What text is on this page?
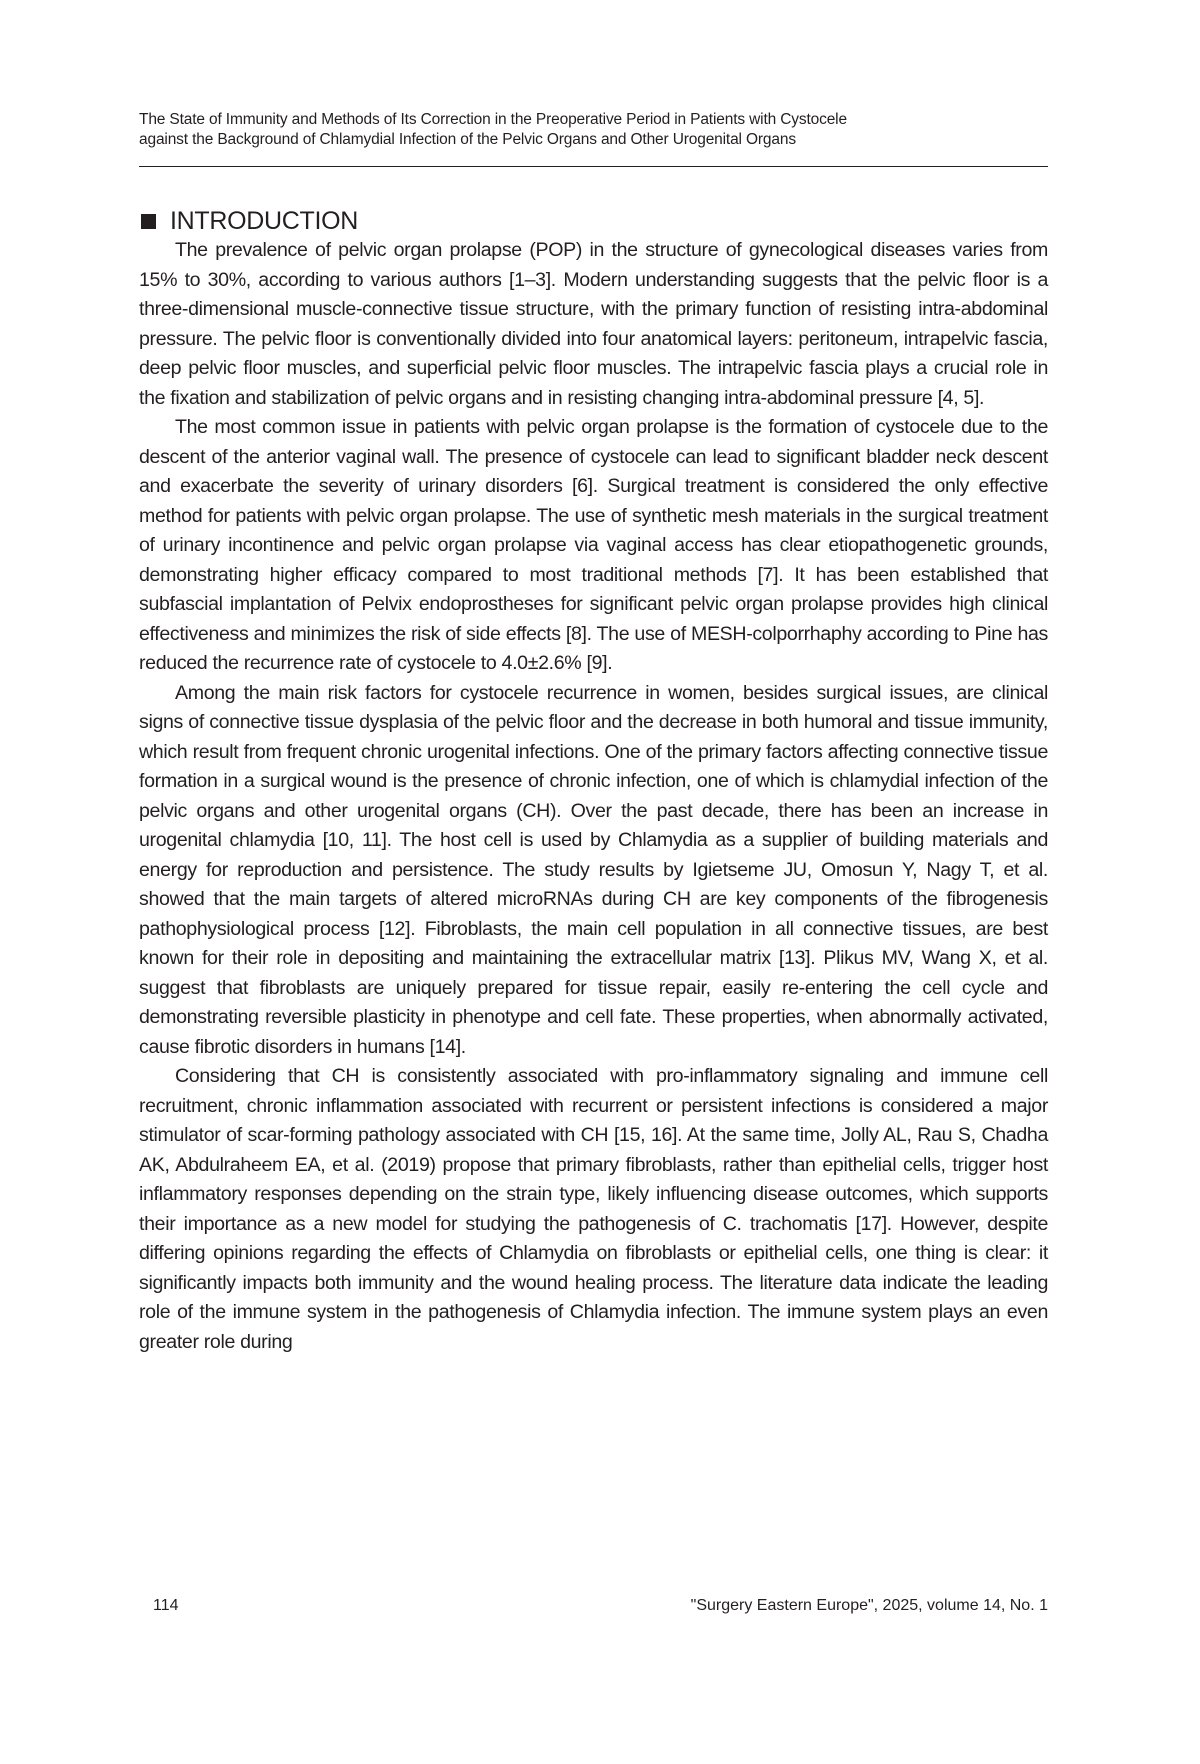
The State of Immunity and Methods of Its Correction in the Preoperative Period in Patients with Cystocele
against the Background of Chlamydial Infection of the Pelvic Organs and Other Urogenital Organs
INTRODUCTION

The prevalence of pelvic organ prolapse (POP) in the structure of gynecological diseases varies from 15% to 30%, according to various authors [1–3]. Modern understanding suggests that the pelvic floor is a three-dimensional muscle-connective tissue structure, with the primary function of resisting intra-abdominal pressure. The pelvic floor is conventionally divided into four anatomical layers: peritoneum, intrapelvic fascia, deep pelvic floor muscles, and superficial pelvic floor muscles. The intrapelvic fascia plays a crucial role in the fixation and stabilization of pelvic organs and in resisting changing intra-abdominal pressure [4, 5].

The most common issue in patients with pelvic organ prolapse is the formation of cystocele due to the descent of the anterior vaginal wall. The presence of cystocele can lead to significant bladder neck descent and exacerbate the severity of urinary disorders [6]. Surgical treatment is considered the only effective method for patients with pelvic organ prolapse. The use of synthetic mesh materials in the surgical treatment of urinary incontinence and pelvic organ prolapse via vaginal access has clear etiopathogenetic grounds, demonstrating higher efficacy compared to most traditional methods [7]. It has been established that subfascial implantation of Pelvix endoprostheses for significant pelvic organ prolapse provides high clinical effectiveness and minimizes the risk of side effects [8]. The use of MESH-colporrhaphy according to Pine has reduced the recurrence rate of cystocele to 4.0±2.6% [9].

Among the main risk factors for cystocele recurrence in women, besides surgical issues, are clinical signs of connective tissue dysplasia of the pelvic floor and the decrease in both humoral and tissue immunity, which result from frequent chronic urogenital infections. One of the primary factors affecting connective tissue formation in a surgical wound is the presence of chronic infection, one of which is chlamydial infection of the pelvic organs and other urogenital organs (CH). Over the past decade, there has been an increase in urogenital chlamydia [10, 11]. The host cell is used by Chlamydia as a supplier of building materials and energy for reproduction and persistence. The study results by Igietseme JU, Omosun Y, Nagy T, et al. showed that the main targets of altered microRNAs during CH are key components of the fibrogenesis pathophysiological process [12]. Fibroblasts, the main cell population in all connective tissues, are best known for their role in depositing and maintaining the extracellular matrix [13]. Plikus MV, Wang X, et al. suggest that fibroblasts are uniquely prepared for tissue repair, easily re-entering the cell cycle and demonstrating reversible plasticity in phenotype and cell fate. These properties, when abnormally activated, cause fibrotic disorders in humans [14].

Considering that CH is consistently associated with pro-inflammatory signaling and immune cell recruitment, chronic inflammation associated with recurrent or persistent infections is considered a major stimulator of scar-forming pathology associated with CH [15, 16]. At the same time, Jolly AL, Rau S, Chadha AK, Abdulraheem EA, et al. (2019) propose that primary fibroblasts, rather than epithelial cells, trigger host inflammatory responses depending on the strain type, likely influencing disease outcomes, which supports their importance as a new model for studying the pathogenesis of C. trachomatis [17]. However, despite differing opinions regarding the effects of Chlamydia on fibroblasts or epithelial cells, one thing is clear: it significantly impacts both immunity and the wound healing process. The literature data indicate the leading role of the immune system in the pathogenesis of Chlamydia infection. The immune system plays an even greater role during

114	"Surgery Eastern Europe", 2025, volume 14, No. 1
